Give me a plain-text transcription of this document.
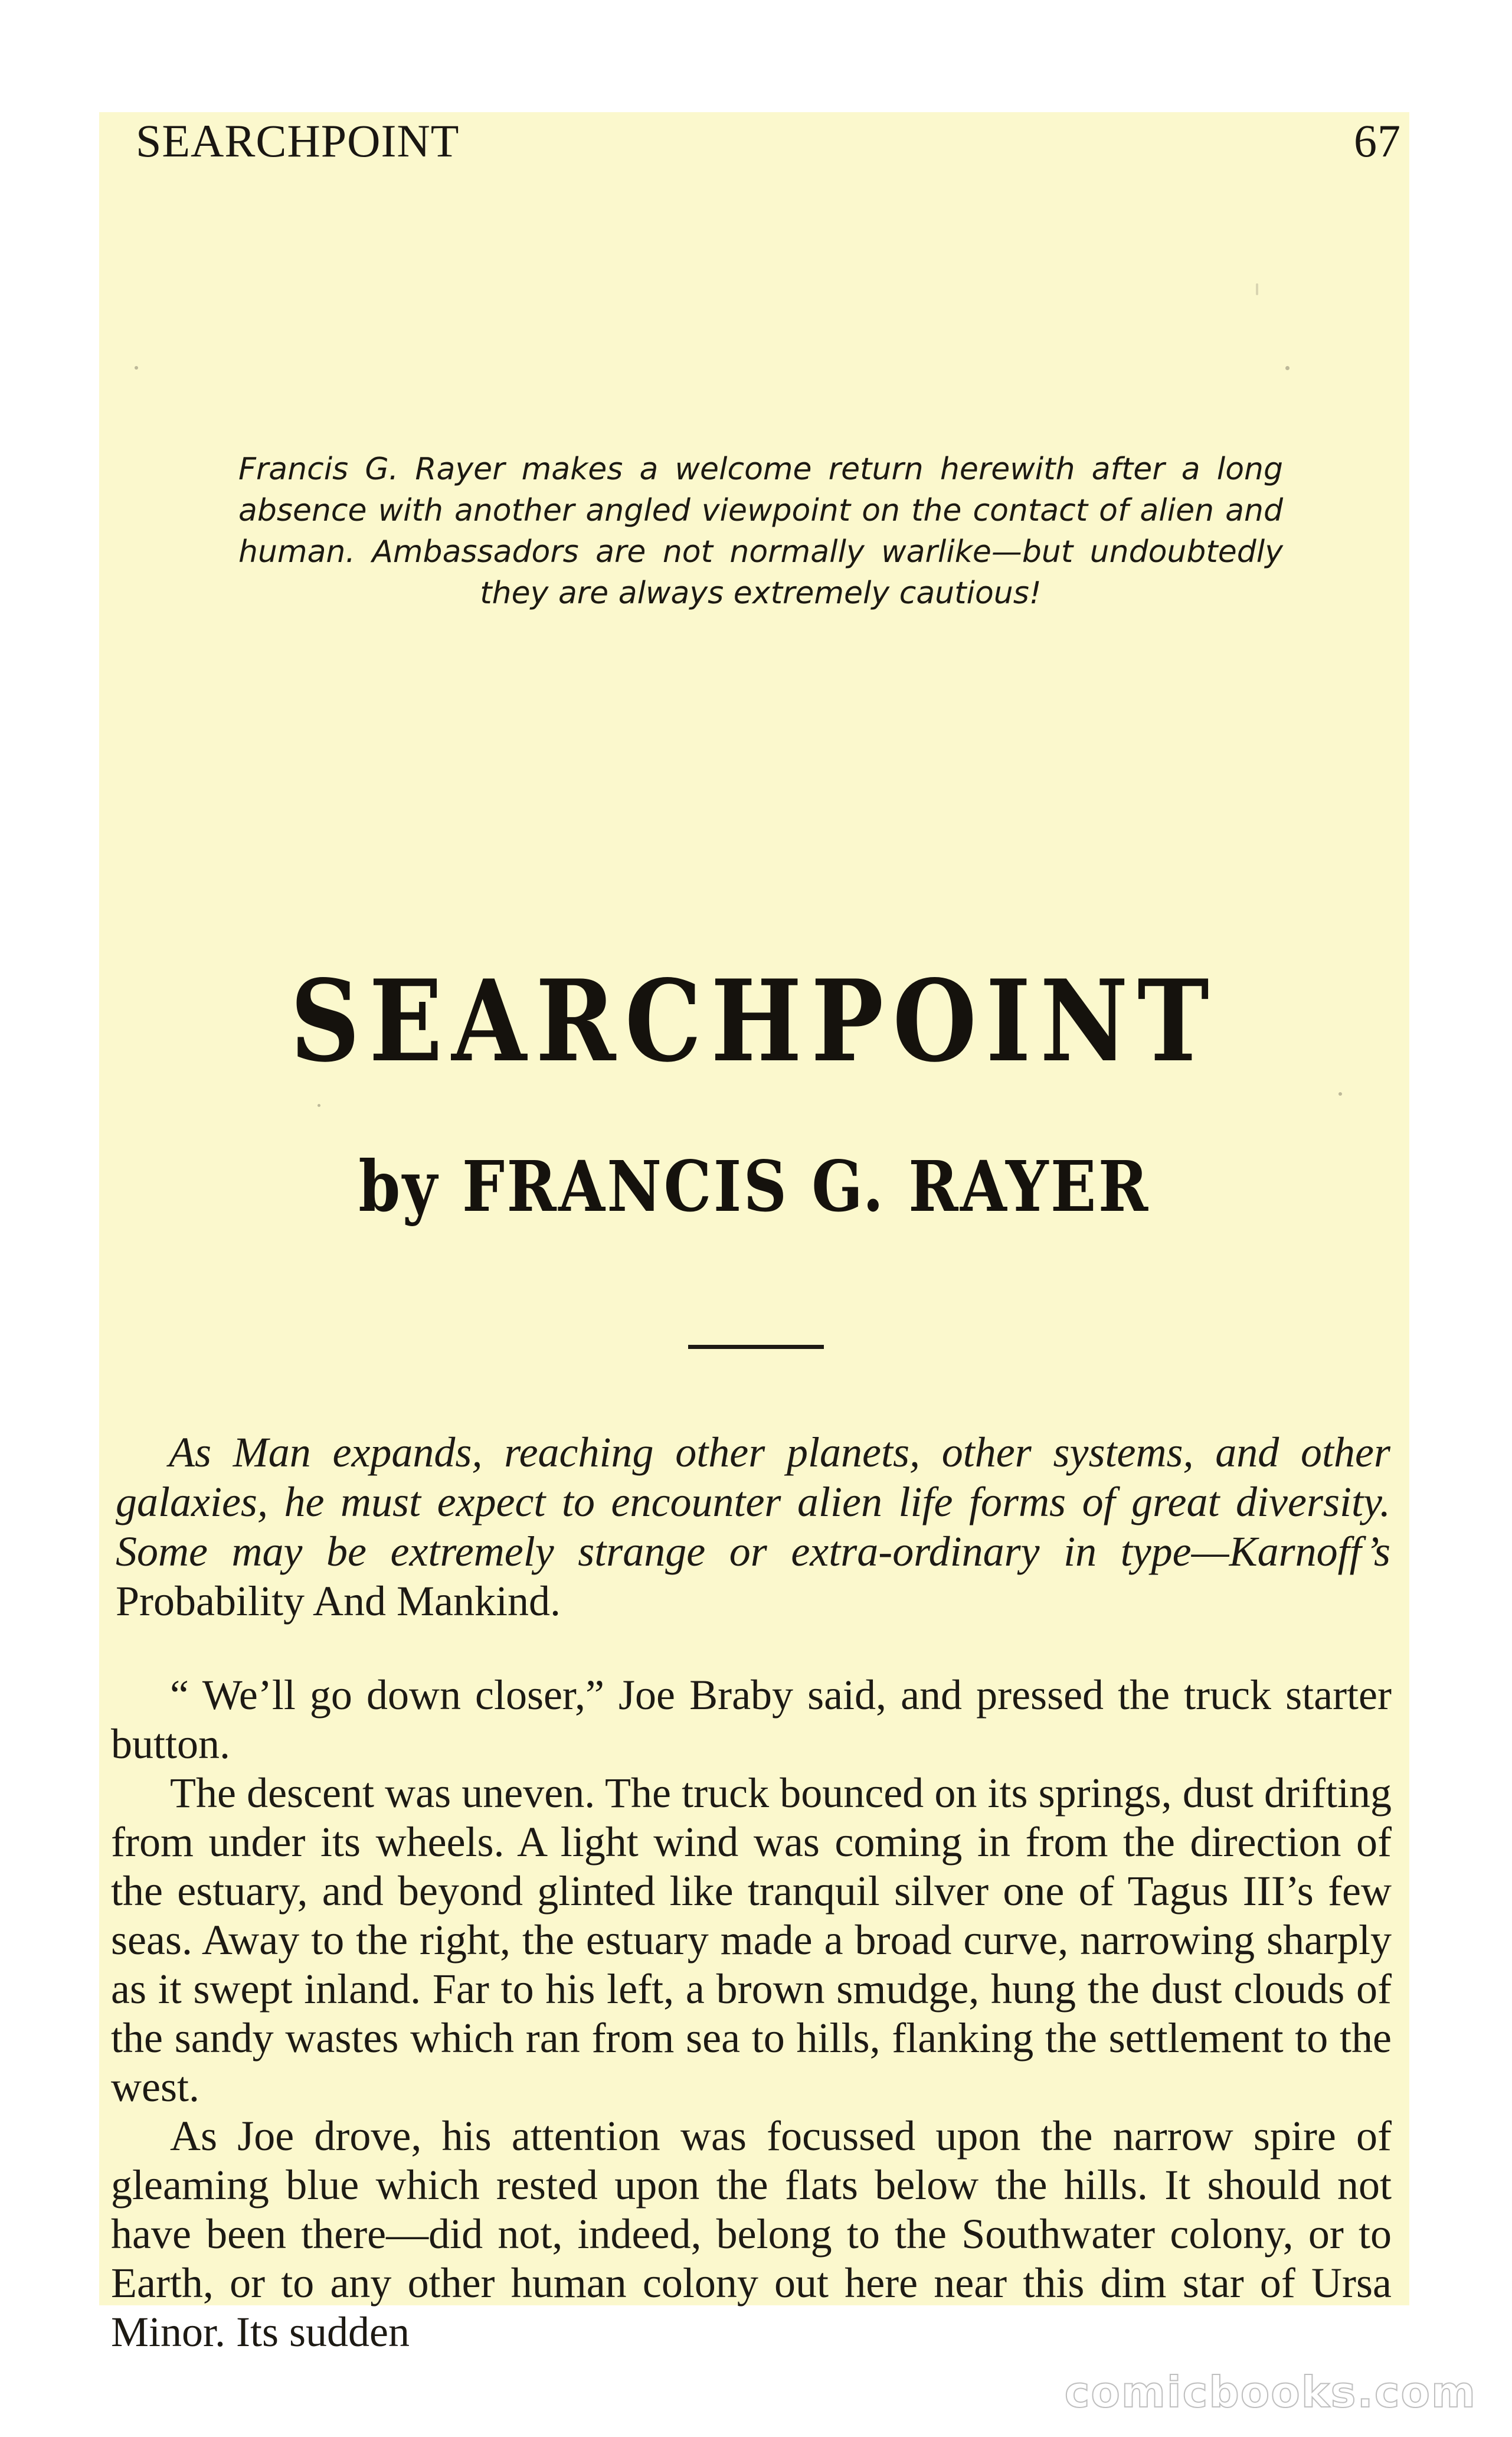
SEARCHPOINT	67
Francis G. Rayer makes a welcome return herewith after a long absence with another angled viewpoint on the contact of alien and human. Ambassadors are not normally warlike—but undoubtedly they are always extremely cautious!
SEARCHPOINT
by FRANCIS G. RAYER
As Man expands, reaching other planets, other systems, and other galaxies, he must expect to encounter alien life forms of great diversity. Some may be extremely strange or extra-ordinary in type—Karnoff’s Probability And Mankind.

“ We’ll go down closer,” Joe Braby said, and pressed the truck starter button.

The descent was uneven. The truck bounced on its springs, dust drifting from under its wheels. A light wind was coming in from the direction of the estuary, and beyond glinted like tranquil silver one of Tagus III’s few seas. Away to the right, the estuary made a broad curve, narrowing sharply as it swept inland. Far to his left, a brown smudge, hung the dust clouds of the sandy wastes which ran from sea to hills, flanking the settlement to the west.

As Joe drove, his attention was focussed upon the narrow spire of gleaming blue which rested upon the flats below the hills. It should not have been there—did not, indeed, belong to the Southwater colony, or to Earth, or to any other human colony out here near this dim star of Ursa Minor. Its sudden

comicbooks.com
